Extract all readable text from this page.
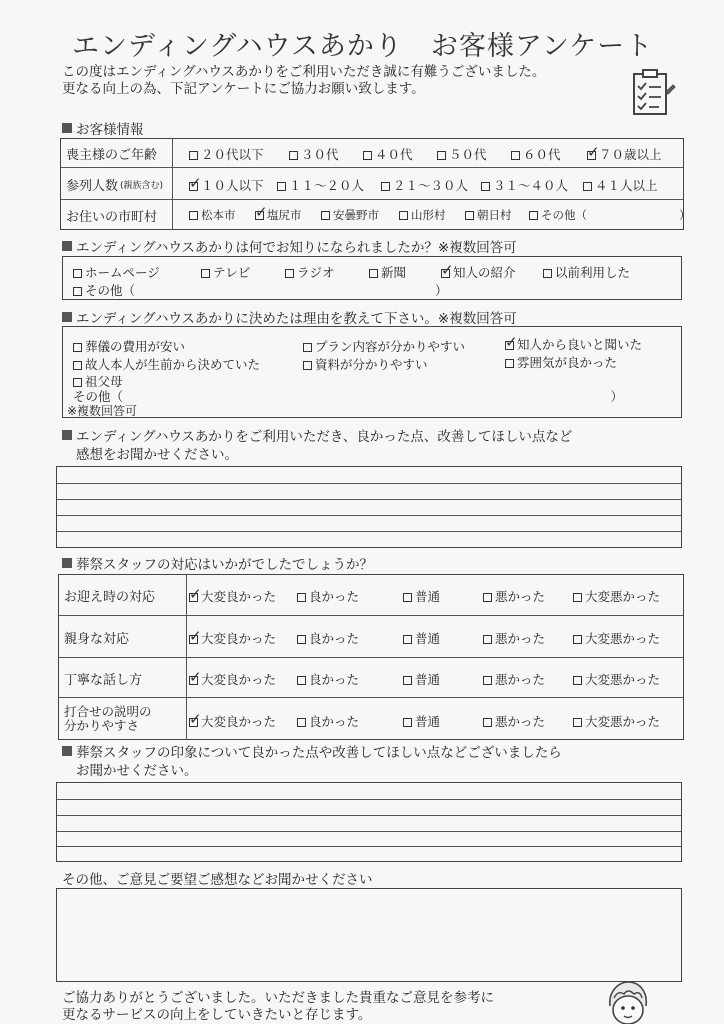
エンディングハウスあかり　お客様アンケート
この度はエンディングハウスあかりをご利用いただき誠に有難うございました。
更なる向上の為、下記アンケートにご協力お願い致します。
お客様情報
喪主様のご年齢	２０代以下	３０代	４０代	５０代	６０代 ✓	７０歳以上
参列人数 (親族含む) ✓	１０人以下	１１〜２０人	２１〜３０人	３１〜４０人	４１人以上
お住いの市町村	松本市 ✓	塩尻市	安曇野市	山形村	朝日村	その他（　　　　　　　　）
エンディングハウスあかりは何でお知りになられましたか？※複数回答可
ホームページ	テレビ	ラジオ	新聞 ✓	知人の紹介	以前利用した
その他（　　　　　　　　　　　　　　　　　　　　　　　　）
エンディングハウスあかりに決めたは理由を教えて下さい。※複数回答可
葬儀の費用が安い	プラン内容が分かりやすい ✓	知人から良いと聞いた
故人本人が生前から決めていた	資料が分かりやすい	雰囲気が良かった
祖父母
その他（　　　　　　　　　　　　　　　　　　　　　　　　　　　　　　　　　　　　　　　）
※複数回答可
エンディングハウスあかりをご利用いただき、良かった点、改善してほしい点など
感想をお聞かせください。
葬祭スタッフの対応はいかがでしたでしょうか？
お迎え時の対応 ✓	大変良かった	良かった	普通	悪かった	大変悪かった
親身な対応 ✓	大変良かった	良かった	普通	悪かった	大変悪かった
丁寧な話し方 ✓	大変良かった	良かった	普通	悪かった	大変悪かった
打合せの説明の
分かりやすさ ✓	大変良かった	良かった	普通	悪かった	大変悪かった
葬祭スタッフの印象について良かった点や改善してほしい点などございましたら
お聞かせください。
その他、ご意見ご要望ご感想などお聞かせください
ご協力ありがとうございました。いただきました貴重なご意見を参考に
更なるサービスの向上をしていきたいと存じます。
